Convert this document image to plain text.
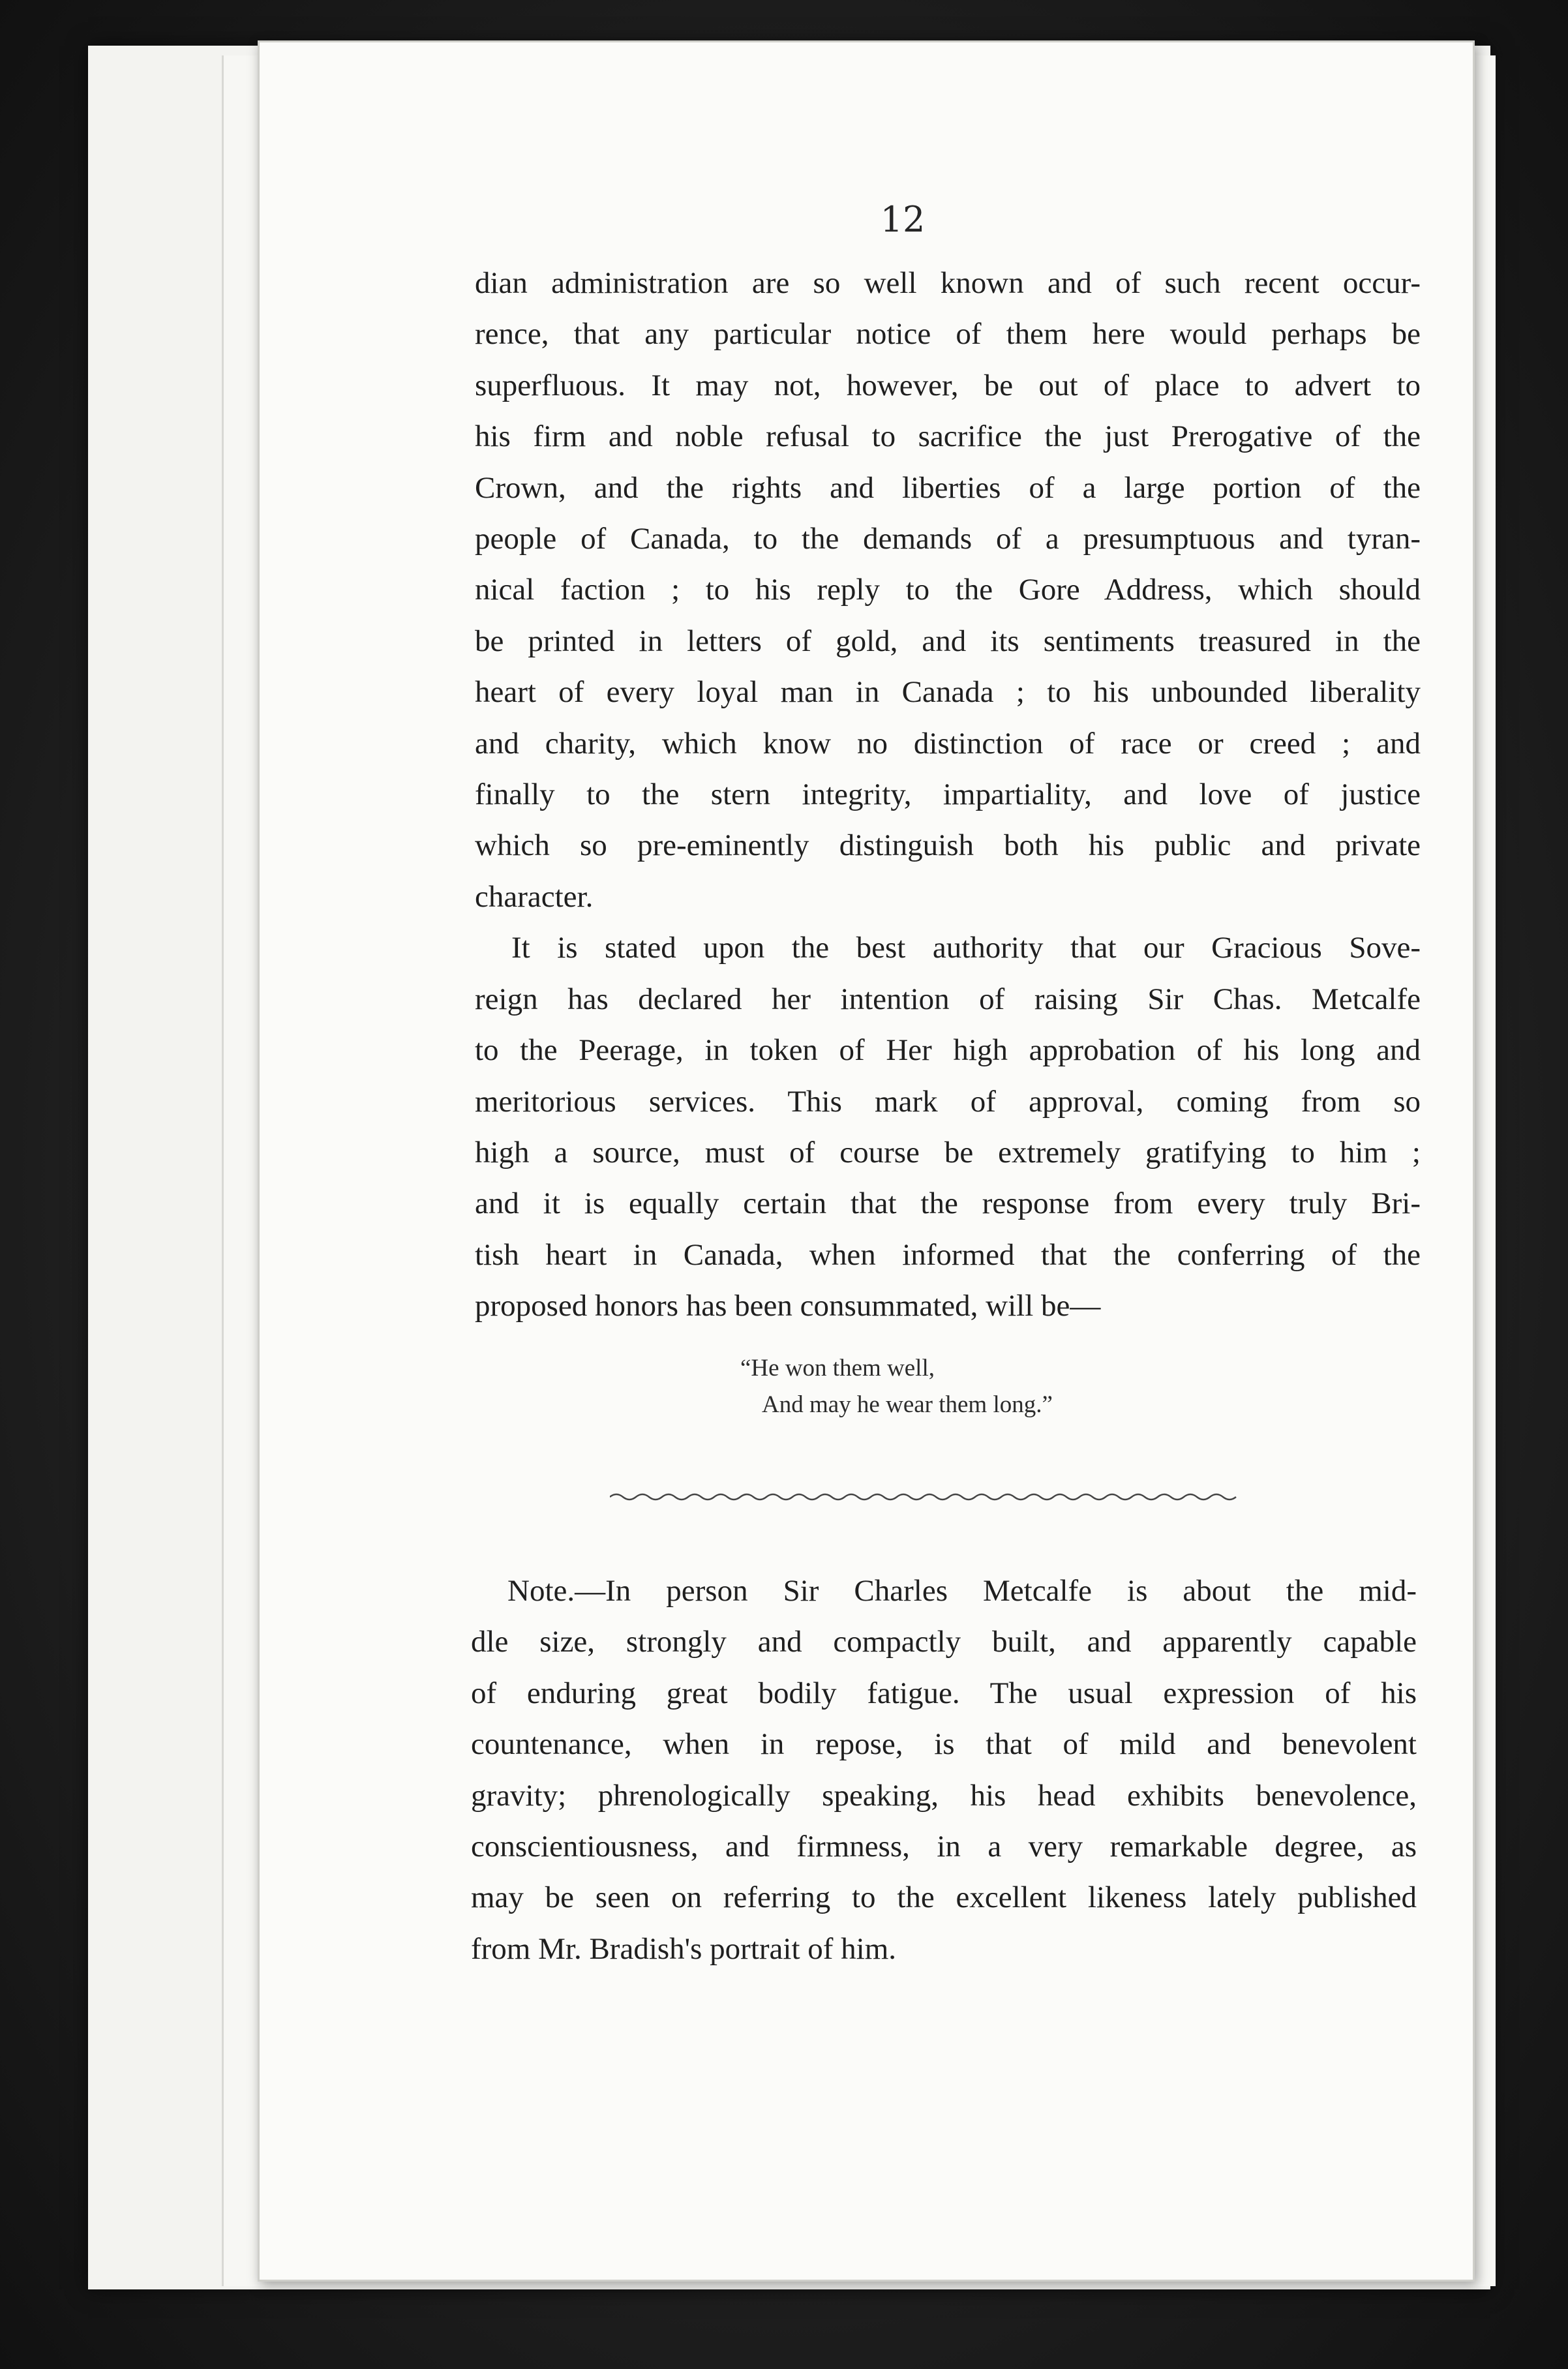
12

dian administration are so well known and of such recent occur-
rence, that any particular notice of them here would perhaps be
superfluous. It may not, however, be out of place to advert to
his firm and noble refusal to sacrifice the just Prerogative of the
Crown, and the rights and liberties of a large portion of the
people of Canada, to the demands of a presumptuous and tyran-
nical faction ; to his reply to the Gore Address, which should
be printed in letters of gold, and its sentiments treasured in the
heart of every loyal man in Canada ; to his unbounded liberality
and charity, which know no distinction of race or creed ; and
finally to the stern integrity, impartiality, and love of justice
which so pre-eminently distinguish both his public and private
character.

It is stated upon the best authority that our Gracious Sove-
reign has declared her intention of raising Sir Chas. Metcalfe
to the Peerage, in token of Her high approbation of his long and
meritorious services. This mark of approval, coming from so
high a source, must of course be extremely gratifying to him ;
and it is equally certain that the response from every truly Bri-
tish heart in Canada, when informed that the conferring of the
proposed honors has been consummated, will be—

“He won them well,
And may he wear them long.”
Note.—In person Sir Charles Metcalfe is about the mid-
dle size, strongly and compactly built, and apparently capable
of enduring great bodily fatigue. The usual expression of his
countenance, when in repose, is that of mild and benevolent
gravity; phrenologically speaking, his head exhibits benevolence,
conscientiousness, and firmness, in a very remarkable degree, as
may be seen on referring to the excellent likeness lately published
from Mr. Bradish's portrait of him.
